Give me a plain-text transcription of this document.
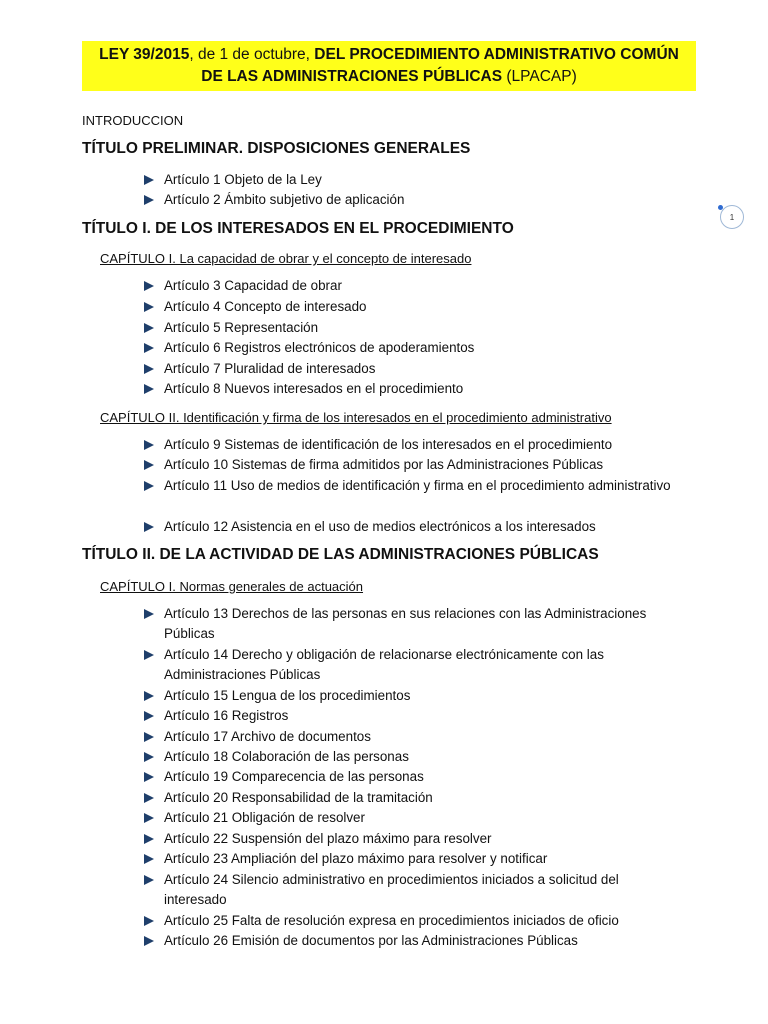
LEY 39/2015, de 1 de octubre, DEL PROCEDIMIENTO ADMINISTRATIVO COMÚN
DE LAS ADMINISTRACIONES PÚBLICAS (LPACAP)
INTRODUCCION
TÍTULO PRELIMINAR. DISPOSICIONES GENERALES
Artículo 1 Objeto de la Ley
Artículo 2 Ámbito subjetivo de aplicación
TÍTULO I. DE LOS INTERESADOS EN EL PROCEDIMIENTO
CAPÍTULO I. La capacidad de obrar y el concepto de interesado
Artículo 3 Capacidad de obrar
Artículo 4 Concepto de interesado
Artículo 5 Representación
Artículo 6 Registros electrónicos de apoderamientos
Artículo 7 Pluralidad de interesados
Artículo 8 Nuevos interesados en el procedimiento
CAPÍTULO II. Identificación y firma de los interesados en el procedimiento administrativo
Artículo 9 Sistemas de identificación de los interesados en el procedimiento
Artículo 10 Sistemas de firma admitidos por las Administraciones Públicas
Artículo 11 Uso de medios de identificación y firma en el procedimiento administrativo
Artículo 12 Asistencia en el uso de medios electrónicos a los interesados
TÍTULO II. DE LA ACTIVIDAD DE LAS ADMINISTRACIONES PÚBLICAS
CAPÍTULO I. Normas generales de actuación
Artículo 13 Derechos de las personas en sus relaciones con las Administraciones Públicas
Artículo 14 Derecho y obligación de relacionarse electrónicamente con las Administraciones Públicas
Artículo 15 Lengua de los procedimientos
Artículo 16 Registros
Artículo 17 Archivo de documentos
Artículo 18 Colaboración de las personas
Artículo 19 Comparecencia de las personas
Artículo 20 Responsabilidad de la tramitación
Artículo 21 Obligación de resolver
Artículo 22 Suspensión del plazo máximo para resolver
Artículo 23 Ampliación del plazo máximo para resolver y notificar
Artículo 24 Silencio administrativo en procedimientos iniciados a solicitud del interesado
Artículo 25 Falta de resolución expresa en procedimientos iniciados de oficio
Artículo 26 Emisión de documentos por las Administraciones Públicas
1
